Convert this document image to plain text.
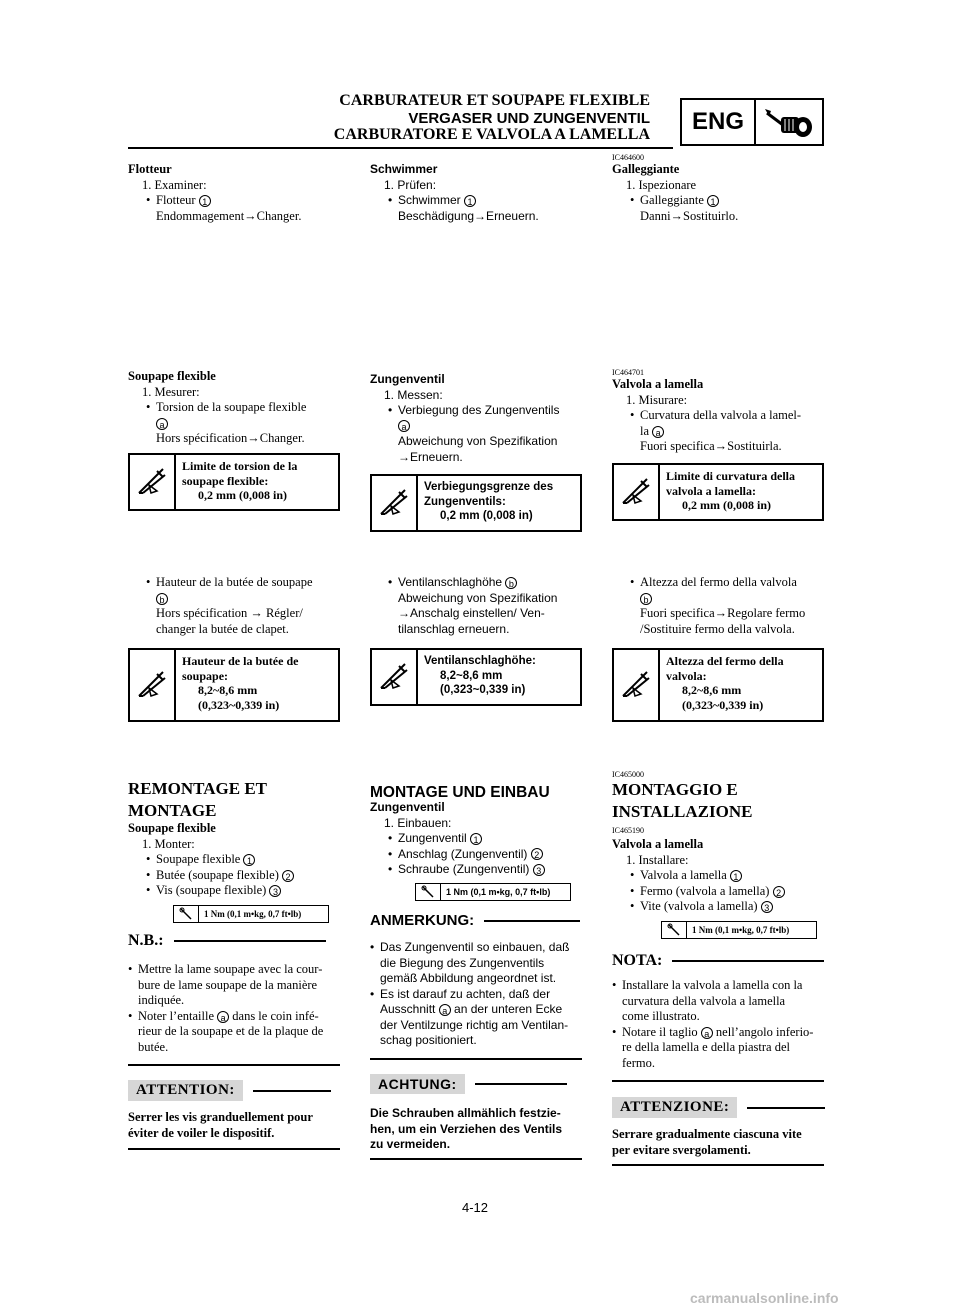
CARBURATEUR ET SOUPAPE FLEXIBLE
VERGASER UND ZUNGENVENTIL
CARBURATORE E VALVOLA A LAMELLA	ENG
Flotteur
1. Examiner:
• Flotteur 1
Endommagement→Changer.
Soupape flexible
1. Mesurer:
• Torsion de la soupape flexible
a
Hors spécification→Changer.
Limite de torsion de la
soupape flexible:
0,2 mm (0,008 in)
• Hauteur de la butée de soupape
b
Hors spécification → Régler/
changer la butée de clapet.
Hauteur de la butée de
soupape:
8,2~8,6 mm
(0,323~0,339 in)
REMONTAGE ET
MONTAGE
Soupape flexible
1. Monter:
• Soupape flexible 1
• Butée (soupape flexible) 2
• Vis (soupape flexible) 3
1 Nm (0,1 m•kg, 0,7 ft•lb)
N.B.:
• Mettre la lame soupape avec la cour-
bure de lame soupape de la manière
indiquée.
• Noter l’entaille a dans le coin infé-
rieur de la soupape et de la plaque de
butée.
ATTENTION:
Serrer les vis granduellement pour
éviter de voiler le dispositif.
Schwimmer
1. Prüfen:
• Schwimmer 1
Beschädigung→Erneuern.
Zungenventil
1. Messen:
• Verbiegung des Zungenventils
a
Abweichung von Spezifikation
→Erneuern.
Verbiegungsgrenze des
Zungenventils:
0,2 mm (0,008 in)
• Ventilanschlaghöhe b
Abweichung von Spezifikation
→Anschalg einstellen/ Ven-
tilanschlag erneuern.
Ventilanschlaghöhe:
8,2~8,6 mm
(0,323~0,339 in)
MONTAGE UND EINBAU
Zungenventil
1. Einbauen:
• Zungenventil 1
• Anschlag (Zungenventil) 2
• Schraube (Zungenventil) 3
1 Nm (0,1 m•kg, 0,7 ft•lb)
ANMERKUNG:
• Das Zungenventil so einbauen, daß
die Biegung des Zungenventils
gemäß Abbildung angeordnet ist.
• Es ist darauf zu achten, daß der
Ausschnitt a an der unteren Ecke
der Ventilzunge richtig am Ventilan-
schag positioniert.
ACHTUNG:
Die Schrauben allmählich festzie-
hen, um ein Verziehen des Ventils
zu vermeiden.
IC464600
Galleggiante
1. Ispezionare
• Galleggiante 1
Danni→Sostituirlo.
IC464701
Valvola a lamella
1. Misurare:
• Curvatura della valvola a lamel-
la a
Fuori specifica→Sostituirla.
Limite di curvatura della
valvola a lamella:
0,2 mm (0,008 in)
• Altezza del fermo della valvola
b
Fuori specifica→Regolare fermo
/Sostituire fermo della valvola.
Altezza del fermo della
valvola:
8,2~8,6 mm
(0,323~0,339 in)
IC465000
MONTAGGIO E
INSTALLAZIONE
IC465190
Valvola a lamella
1. Installare:
• Valvola a lamella 1
• Fermo (valvola a lamella) 2
• Vite (valvola a lamella) 3
1 Nm (0,1 m•kg, 0,7 ft•lb)
NOTA:
• Installare la valvola a lamella con la
curvatura della valvola a lamella
come illustrato.
• Notare il taglio a nell’angolo inferio-
re della lamella e della piastra del
fermo.
ATTENZIONE:
Serrare gradualmente ciascuna vite
per evitare svergolamenti.
4-12
carmanualsonline.info
